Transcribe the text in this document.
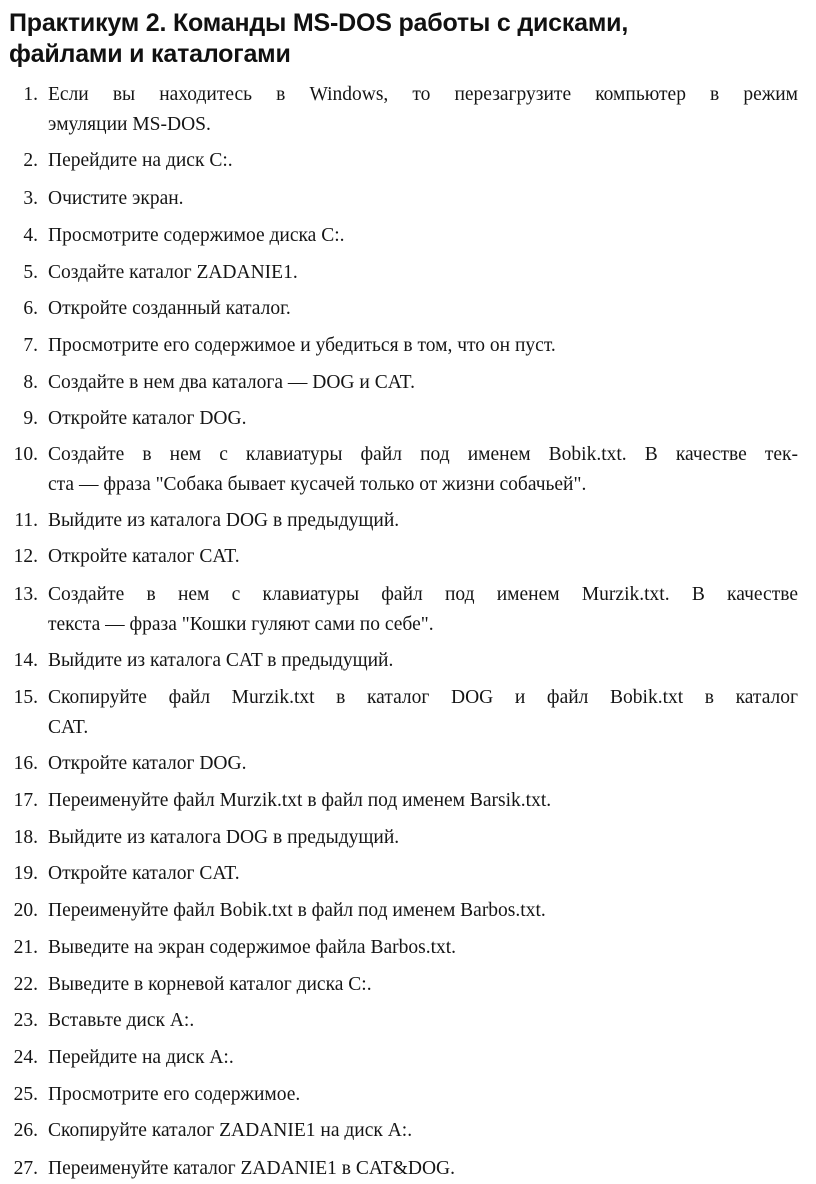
Практикум 2. Команды MS-DOS работы с дисками,
файлами и каталогами
1. Если вы находитесь в Windows, то перезагрузите компьютер в режим
эмуляции MS-DOS.
2. Перейдите на диск С:.
3. Очистите экран.
4. Просмотрите содержимое диска С:.
5. Создайте каталог ZADANIE1.
6. Откройте созданный каталог.
7. Просмотрите его содержимое и убедиться в том, что он пуст.
8. Создайте в нем два каталога — DOG и CAT.
9. Откройте каталог DOG.
10. Создайте в нем с клавиатуры файл под именем Bobik.txt. В качестве тек-
ста — фраза "Собака бывает кусачей только от жизни собачьей".
11. Выйдите из каталога DOG в предыдущий.
12. Откройте каталог CAT.
13. Создайте в нем с клавиатуры файл под именем Murzik.txt. В качестве
текста — фраза "Кошки гуляют сами по себе".
14. Выйдите из каталога CAT в предыдущий.
15. Скопируйте файл Murzik.txt в каталог DOG и файл Bobik.txt в каталог
CAT.
16. Откройте каталог DOG.
17. Переименуйте файл Murzik.txt в файл под именем Barsik.txt.
18. Выйдите из каталога DOG в предыдущий.
19. Откройте каталог CAT.
20. Переименуйте файл Bobik.txt в файл под именем Barbos.txt.
21. Выведите на экран содержимое файла Barbos.txt.
22. Выведите в корневой каталог диска С:.
23. Вставьте диск А:.
24. Перейдите на диск А:.
25. Просмотрите его содержимое.
26. Скопируйте каталог ZADANIE1 на диск А:.
27. Переименуйте каталог ZADANIE1 в CAT&DOG.
